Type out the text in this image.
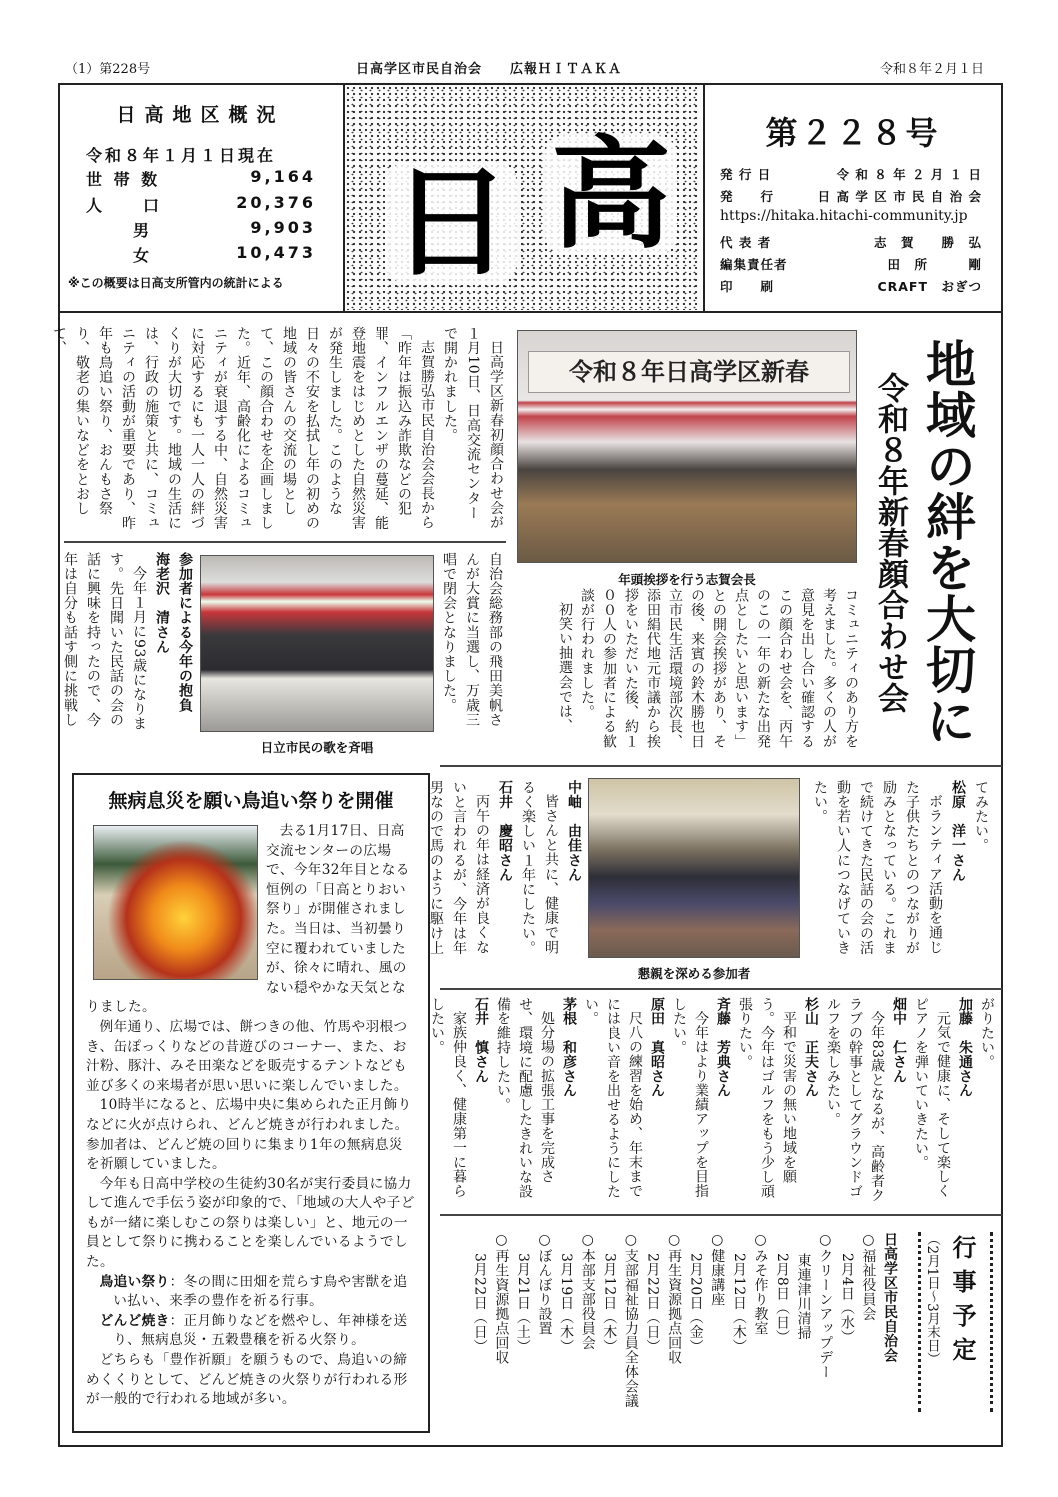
（1）第228号	日高学区市民自治会　　広報ＨＩＴＡＫＡ	令和８年２月１日
日高地区概況
令和８年１月１日現在
世 帯 数	9,164
人　　口	20,376
　男	9,903
　女	10,473
※この概要は日高支所管内の統計による 日 高	第２２８号
発 行 日	令 和 ８ 年 ２ 月 １ 日
発　　行	日 高 学 区 市 民 自 治 会
https://hitaka.hitachi-community.jp
代 表 者	志　賀　　勝　弘
編集責任者	田　所　　　剛
印　　刷	CRAFT　おぎつ
地域の絆を大切に
令和８年新春顔合わせ会

日高学区新春初顔合わせ会が１月10日、日高交流センターで開かれました。

志賀勝弘市民自治会会長から「昨年は振込み詐欺などの犯罪、インフルエンザの蔓延、能登地震をはじめとした自然災害が発生しました。このような日々の不安を払拭し年の初めの地域の皆さんの交流の場として、この顔合わせを企画しました。近年、高齢化によるコミュニティが衰退する中、自然災害に対応するにも一人一人の絆づくりが大切です。地域の生活には、行政の施策と共に、コミュニティの活動が重要であり、昨年も鳥追い祭り、おんもさ祭り、敬老の集いなどをとおして、

令和８年日高学区新春
年頭挨拶を行う志賀会長

コミュニティのあり方を考えました。多くの人が意見を出し合い確認するこの顔合わせ会を、丙午のこの一年の新たな出発点としたいと思います」との開会挨拶があり、その後、来賓の鈴木勝也日立市民生活環境部次長、添田絹代地元市議から挨拶をいただいた後、約１００人の参加者による歓談が行われました。

初笑い抽選会では、

自治会総務部の飛田美帆さんが大賞に当選し、万歳三唱で閉会となりました。

日立市民の歌を斉唱

参加者による今年の抱負

海老沢　清さん

今年１月に93歳になります。先日聞いた民話の会の話に興味を持ったので、今年は自分も話す側に挑戦し

てみたい。

松原　洋一さん

ボランティア活動を通じた子供たちとのつながりが励みとなっている。これまで続けてきた民話の会の活動を若い人につなげていきたい。

懇親を深める参加者

中岫　由佳さん

皆さんと共に、健康で明るく楽しい１年にしたい。

石井　慶昭さん

丙午の年は経済が良くないと言われるが、今年は年男なので馬のように駆け上

がりたい。

加藤　朱通さん

元気で健康に、そして楽しくピアノを弾いていきたい。

畑中　仁さん

今年83歳となるが、高齢者クラブの幹事としてグラウンドゴルフを楽しみたい。

杉山　正夫さん

平和で災害の無い地域を願う。今年はゴルフをもう少し頑張りたい。

斉藤　芳典さん

今年はより業績アップを目指したい。

原田　真昭さん

尺八の練習を始め、年末までには良い音を出せるようにしたい。

茅根　和彦さん

処分場の拡張工事を完成させ、環境に配慮したきれいな設備を維持したい。

石井　慎さん

家族仲良く、健康第一に暮らしたい。

行事予定
（2月1日〜3月末日）
日高学区市民自治会
○福祉役員会
2月4日（水）
○クリーンアップデー
東連津川清掃
2月8日（日）
○みそ作り教室
2月12日（木）
○健康講座
2月20日（金）
○再生資源拠点回収
2月22日（日）
○支部福祉協力員全体会議
3月12日（木）
○本部支部役員会
3月19日（木）
○ぼんぼり設置
3月21日（土）
○再生資源拠点回収
3月22日（日）
無病息災を願い鳥追い祭りを開催

去る1月17日、日高交流センターの広場で、今年32年目となる恒例の「日高とりおい祭り」が開催されました。当日は、当初曇り空に覆われていましたが、徐々に晴れ、風のない穏やかな天気となりました。

例年通り、広場では、餅つきの他、竹馬や羽根つき、缶ぽっくりなどの昔遊びのコーナー、また、お汁粉、豚汁、みそ田楽などを販売するテントなども並び多くの来場者が思い思いに楽しんでいました。

10時半になると、広場中央に集められた正月飾りなどに火が点けられ、どんど焼きが行われました。参加者は、どんど焼の回りに集まり1年の無病息災を祈願していました。

今年も日高中学校の生徒約30名が実行委員に協力して進んで手伝う姿が印象的で、「地域の大人や子どもが一緒に楽しむこの祭りは楽しい」と、地元の一員として祭りに携わることを楽しんでいるようでした。

鳥追い祭り：冬の間に田畑を荒らす鳥や害獣を追い払い、来季の豊作を祈る行事。

どんど焼き：正月飾りなどを燃やし、年神様を送り、無病息災・五穀豊穣を祈る火祭り。

どちらも「豊作祈願」を願うもので、鳥追いの締めくくりとして、どんど焼きの火祭りが行われる形が一般的で行われる地域が多い。
